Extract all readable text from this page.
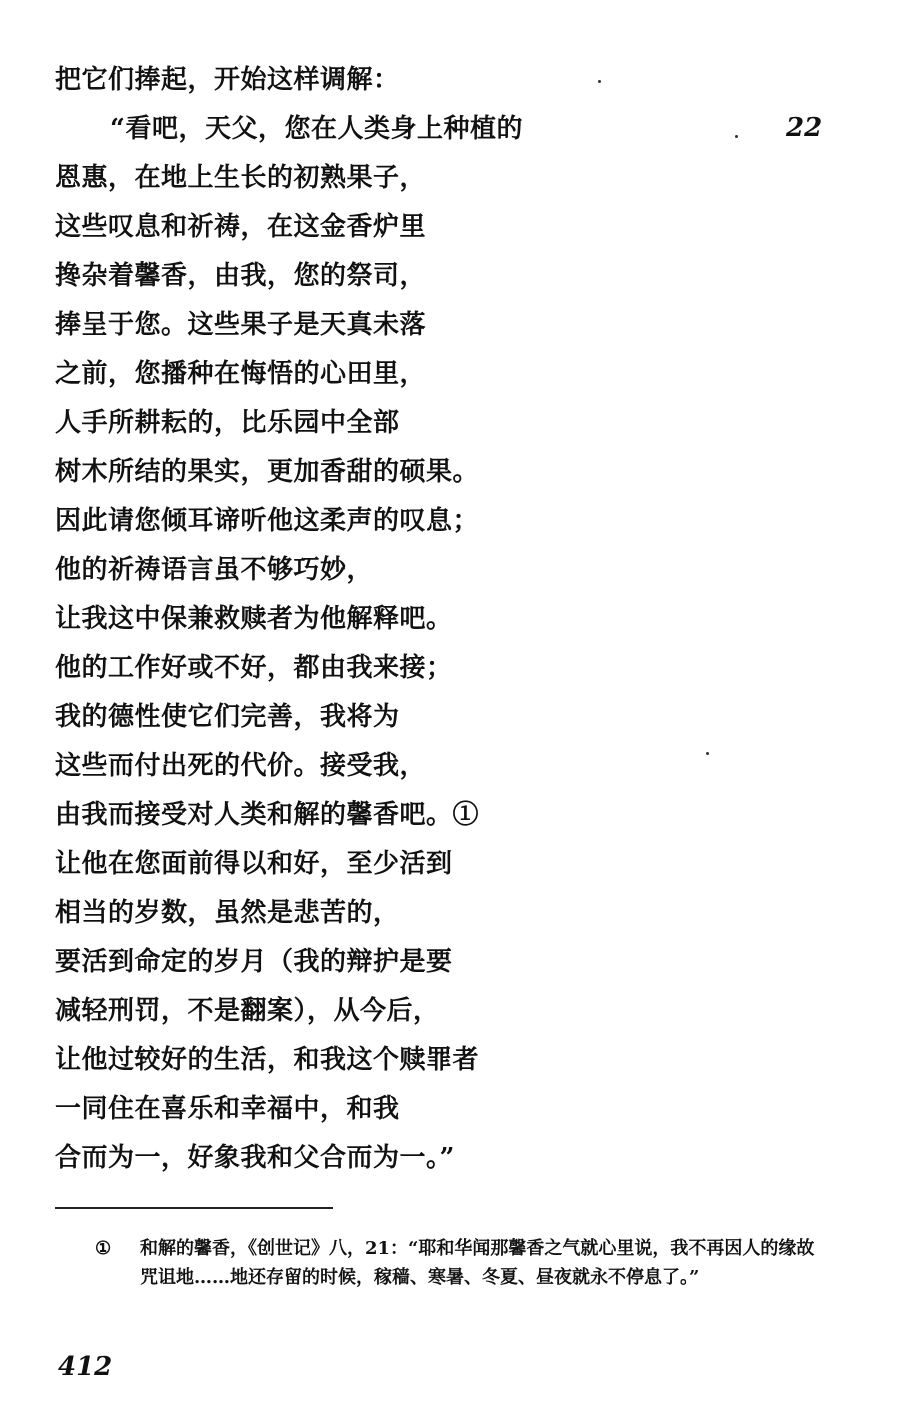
把它们捧起，开始这样调解：
“看吧，天父，您在人类身上种植的
恩惠，在地上生长的初熟果子，
这些叹息和祈祷，在这金香炉里
搀杂着馨香，由我，您的祭司，
捧呈于您。这些果子是天真未落
之前，您播种在悔悟的心田里，
人手所耕耘的，比乐园中全部
树木所结的果实，更加香甜的硕果。
因此请您倾耳谛听他这柔声的叹息；
他的祈祷语言虽不够巧妙，
让我这中保兼救赎者为他解释吧。
他的工作好或不好，都由我来接；
我的德性使它们完善，我将为
这些而付出死的代价。接受我，
由我而接受对人类和解的馨香吧。①
让他在您面前得以和好，至少活到
相当的岁数，虽然是悲苦的，
要活到命定的岁月（我的辩护是要
减轻刑罚，不是翻案），从今后，
让他过较好的生活，和我这个赎罪者
一同住在喜乐和幸福中，和我
合而为一，好象我和父合而为一。”
22
①	和解的馨香，《创世记》八，21：“耶和华闻那馨香之气就心里说，我不再因人的缘故咒诅地……地还存留的时候，稼穑、寒暑、冬夏、昼夜就永不停息了。”
412
